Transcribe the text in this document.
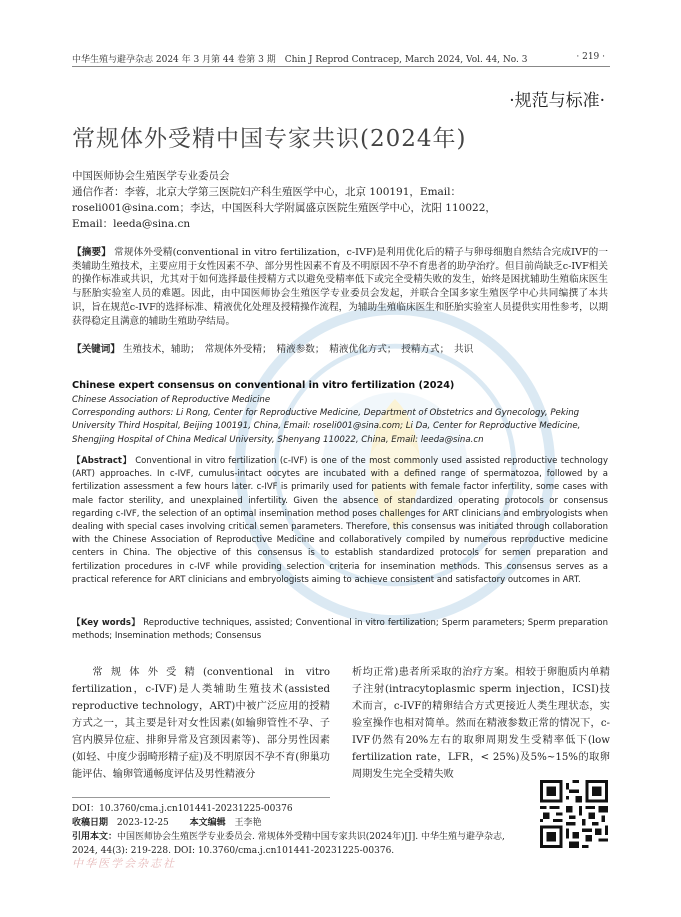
中华生殖与避孕杂志 2024 年 3 月第 44 卷第 3 期　Chin J Reprod Contracep, March 2024, Vol. 44, No. 3	· 219 ·
·规范与标准·
常规体外受精中国专家共识(2024年)
中国医师协会生殖医学专业委员会
通信作者：李蓉，北京大学第三医院妇产科生殖医学中心，北京 100191，Email：
roseli001@sina.com；李达，中国医科大学附属盛京医院生殖医学中心，沈阳 110022，
Email：leeda@sina.cn
【摘要】 常规体外受精(conventional in vitro fertilization，c-IVF)是利用优化后的精子与卵母细胞自然结合完成IVF的一类辅助生殖技术，主要应用于女性因素不孕、部分男性因素不育及不明原因不孕不育患者的助孕治疗。但目前尚缺乏c-IVF相关的操作标准或共识，尤其对于如何选择最佳授精方式以避免受精率低下或完全受精失败的发生，始终是困扰辅助生殖临床医生与胚胎实验室人员的难题。因此，由中国医师协会生殖医学专业委员会发起，并联合全国多家生殖医学中心共同编撰了本共识，旨在规范c-IVF的选择标准、精液优化处理及授精操作流程，为辅助生殖临床医生和胚胎实验室人员提供实用性参考，以期获得稳定且满意的辅助生殖助孕结局。
【关键词】 生殖技术，辅助；　常规体外受精；　精液参数；　精液优化方式；　授精方式；　共识
Chinese expert consensus on conventional in vitro fertilization (2024)
Chinese Association of Reproductive Medicine
Corresponding authors: Li Rong, Center for Reproductive Medicine, Department of Obstetrics and Gynecology, Peking University Third Hospital, Beijing 100191, China, Email: roseli001@sina.com; Li Da, Center for Reproductive Medicine, Shengjing Hospital of China Medical University, Shenyang 110022, China, Email: leeda@sina.cn
【Abstract】 Conventional in vitro fertilization (c-IVF) is one of the most commonly used assisted reproductive technology (ART) approaches. In c-IVF, cumulus-intact oocytes are incubated with a defined range of spermatozoa, followed by a fertilization assessment a few hours later. c-IVF is primarily used for patients with female factor infertility, some cases with male factor sterility, and unexplained infertility. Given the absence of standardized operating protocols or consensus regarding c-IVF, the selection of an optimal insemination method poses challenges for ART clinicians and embryologists when dealing with special cases involving critical semen parameters. Therefore, this consensus was initiated through collaboration with the Chinese Association of Reproductive Medicine and collaboratively compiled by numerous reproductive medicine centers in China. The objective of this consensus is to establish standardized protocols for semen preparation and fertilization procedures in c-IVF while providing selection criteria for insemination methods. This consensus serves as a practical reference for ART clinicians and embryologists aiming to achieve consistent and satisfactory outcomes in ART.
【Key words】 Reproductive techniques, assisted; Conventional in vitro fertilization; Sperm parameters; Sperm preparation methods; Insemination methods; Consensus
常规体外受精(conventional in vitro fertilization，c-IVF)是人类辅助生殖技术(assisted reproductive technology，ART)中被广泛应用的授精方式之一，其主要是针对女性因素(如输卵管性不孕、子宫内膜异位症、排卵异常及宫颈因素等)、部分男性因素(如轻、中度少弱畸形精子症)及不明原因不孕不育(卵巢功能评估、输卵管通畅度评估及男性精液分
析均正常)患者所采取的治疗方案。相较于卵胞质内单精子注射(intracytoplasmic sperm injection，ICSI)技术而言，c-IVF的精卵结合方式更接近人类生理状态，实验室操作也相对简单。然而在精液参数正常的情况下，c-IVF仍然有20%左右的取卵周期发生受精率低下(low fertilization rate，LFR，< 25%)及5%~15%的取卵周期发生完全受精失败
DOI：10.3760/cma.j.cn101441-20231225-00376
收稿日期 2023-12-25 本文编辑 王李艳
引用本文：中国医师协会生殖医学专业委员会. 常规体外受精中国专家共识(2024年)[J]. 中华生殖与避孕杂志, 2024, 44(3): 219-228. DOI: 10.3760/cma.j.cn101441-20231225-00376.
中华医学会杂志社
